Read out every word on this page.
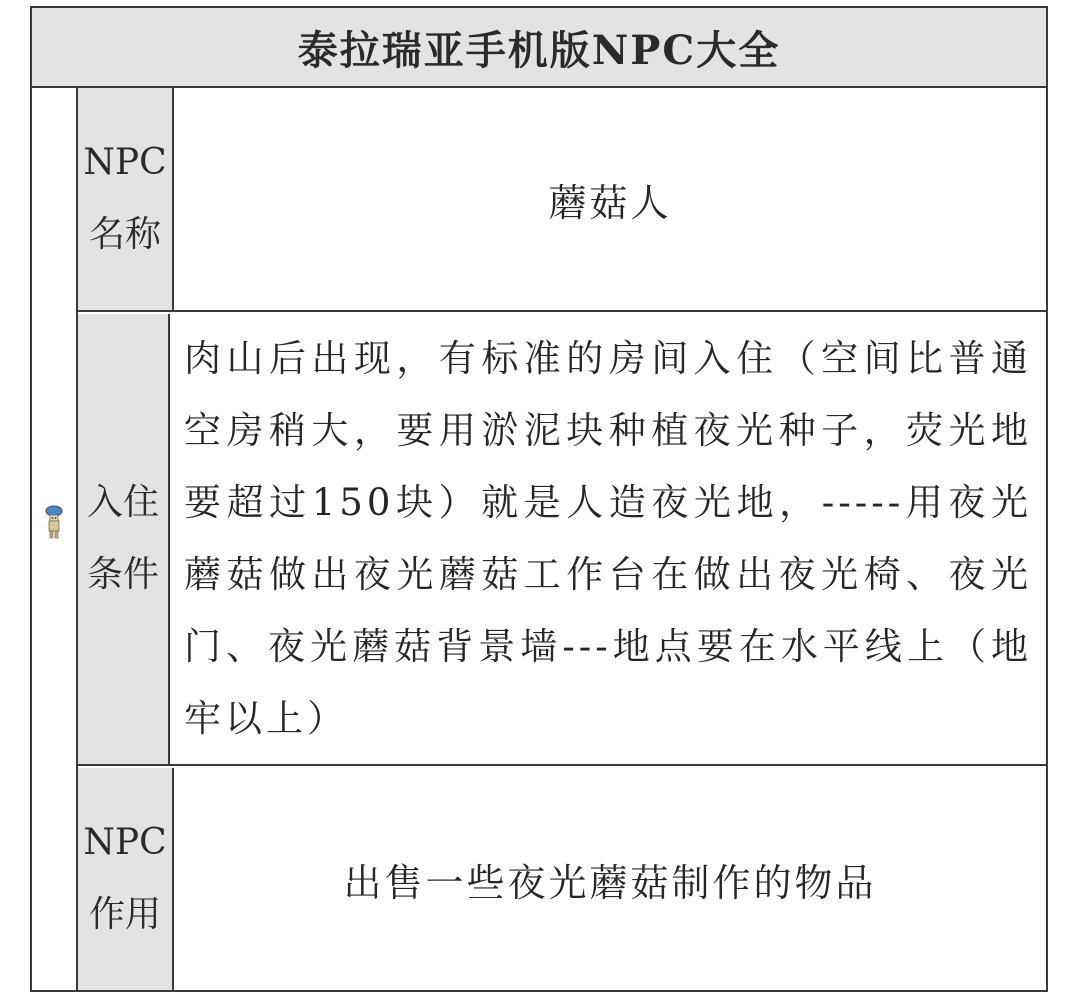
泰拉瑞亚手机版NPC大全
NPC名称
蘑菇人
入住条件
肉山后出现，有标准的房间入住（空间比普通空房稍大，要用淤泥块种植夜光种子，荧光地要超过150块）就是人造夜光地，-----用夜光蘑菇做出夜光蘑菇工作台在做出夜光椅、夜光门、夜光蘑菇背景墙---地点要在水平线上（地牢以上）
NPC作用
出售一些夜光蘑菇制作的物品
